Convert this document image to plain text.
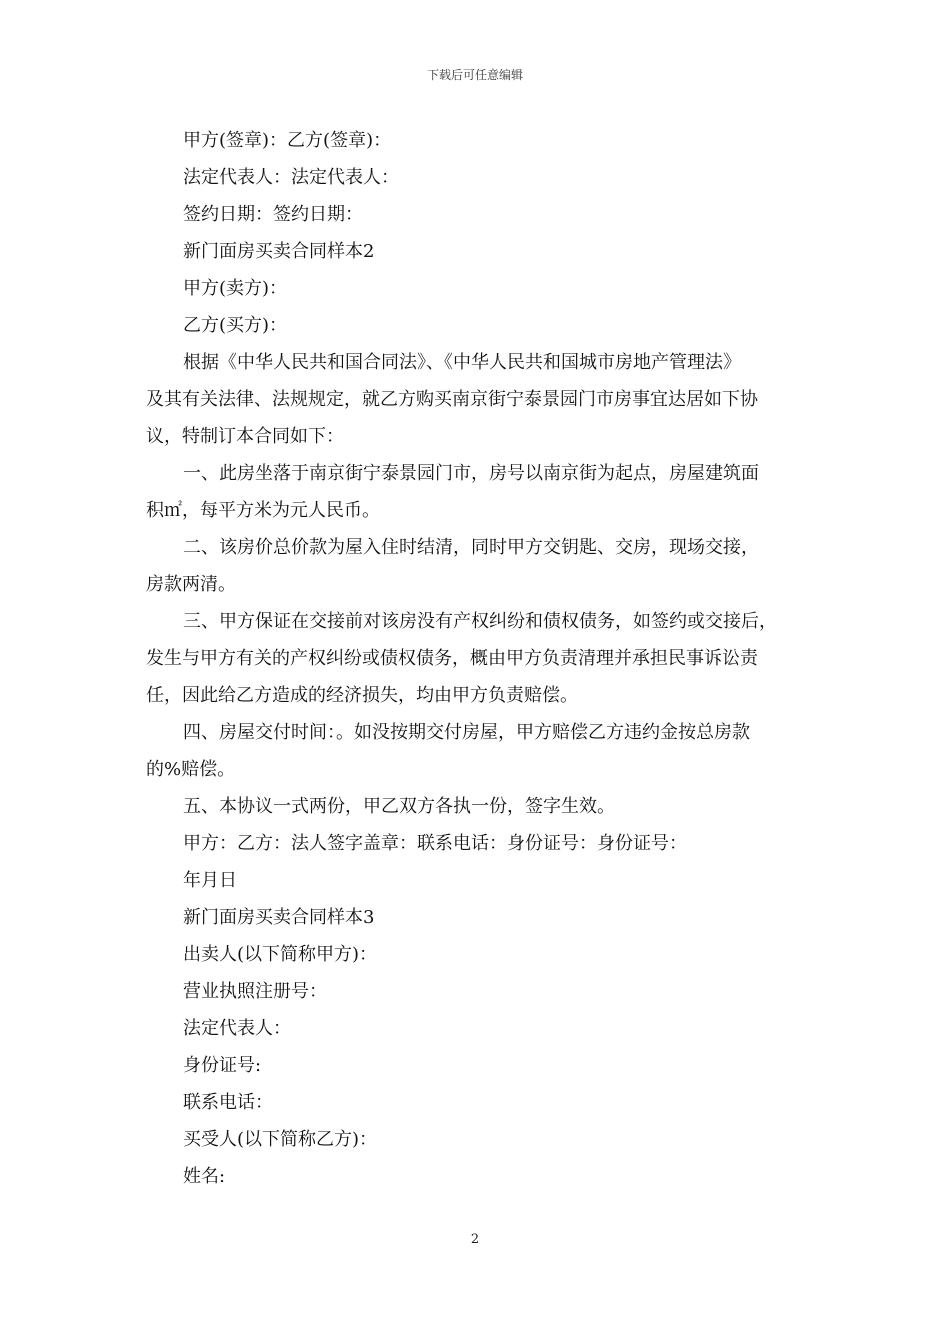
下载后可任意编辑
甲方(签章)：乙方(签章)：
法定代表人：法定代表人：
签约日期：签约日期：
新门面房买卖合同样本2
甲方(卖方)：
乙方(买方)：
根据《中华人民共和国合同法》、《中华人民共和国城市房地产管理法》
及其有关法律、法规规定，就乙方购买南京街宁泰景园门市房事宜达居如下协
议，特制订本合同如下：
一、此房坐落于南京街宁泰景园门市，房号以南京街为起点，房屋建筑面
积㎡，每平方米为元人民币。
二、该房价总价款为屋入住时结清，同时甲方交钥匙、交房，现场交接，
房款两清。
三、甲方保证在交接前对该房没有产权纠纷和债权债务，如签约或交接后，
发生与甲方有关的产权纠纷或债权债务，概由甲方负责清理并承担民事诉讼责
任，因此给乙方造成的经济损失，均由甲方负责赔偿。
四、房屋交付时间：。如没按期交付房屋，甲方赔偿乙方违约金按总房款
的%赔偿。
五、本协议一式两份，甲乙双方各执一份，签字生效。
甲方：乙方：法人签字盖章：联系电话：身份证号：身份证号：
年月日
新门面房买卖合同样本3
出卖人(以下简称甲方)：
营业执照注册号：
法定代表人：
身份证号:
联系电话：
买受人(以下简称乙方)：
姓名:
2
